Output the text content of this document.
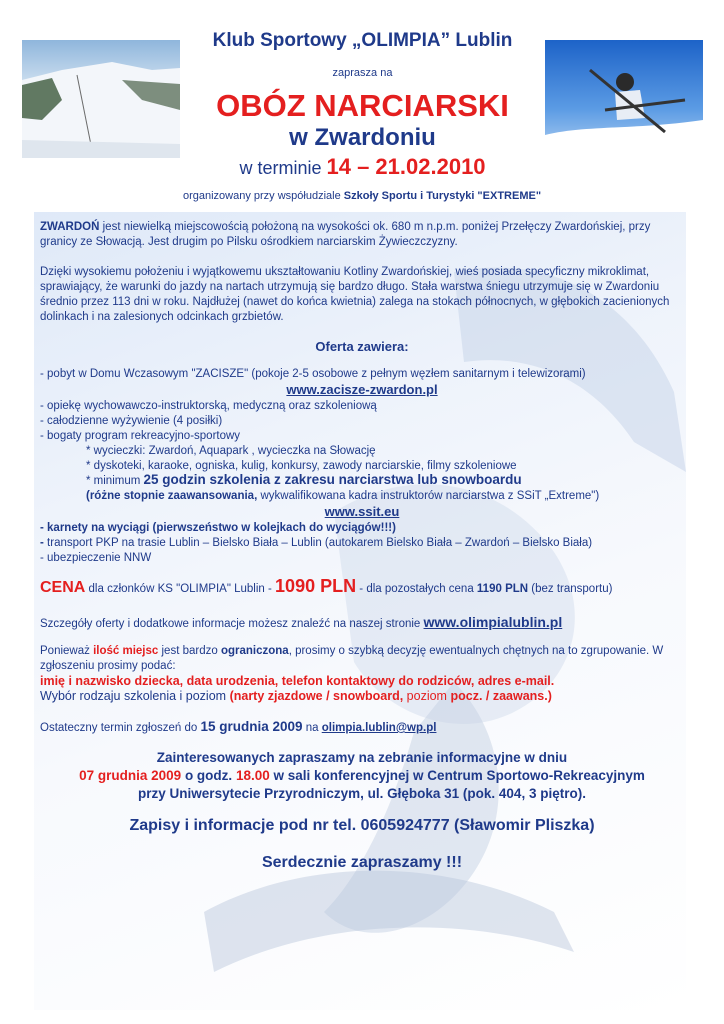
Klub Sportowy „OLIMPIA” Lublin
zaprasza na
OBÓZ NARCIARSKI
w Zwardoniu
w terminie 14 – 21.02.2010
organizowany przy współudziale Szkoły Sportu i Turystyki "EXTREME"
ZWARDOŃ jest niewielką miejscowością położoną na wysokości ok. 680 m n.p.m. poniżej Przełęczy Zwardońskiej, przy granicy ze Słowacją. Jest drugim po Pilsku ośrodkiem narciarskim Żywieczczyzny.
Dzięki wysokiemu położeniu i wyjątkowemu ukształtowaniu Kotliny Zwardońskiej, wieś posiada specyficzny mikroklimat, sprawiający, że warunki do jazdy na nartach utrzymują się bardzo długo. Stała warstwa śniegu utrzymuje się w Zwardoniu średnio przez 113 dni w roku. Najdłużej (nawet do końca kwietnia) zalega na stokach północnych, w głębokich zacienionych dolinkach i na zalesionych odcinkach grzbietów.
Oferta zawiera:
- pobyt w Domu Wczasowym "ZACISZE" (pokoje 2-5 osobowe z pełnym węzłem sanitarnym i telewizorami)
www.zacisze-zwardon.pl
- opiekę wychowawczo-instruktorską, medyczną oraz szkoleniową
- całodzienne wyżywienie (4 posiłki)
- bogaty program rekreacyjno-sportowy
* wycieczki: Zwardoń, Aquapark , wycieczka na Słowację
* dyskoteki, karaoke, ogniska, kulig, konkursy, zawody narciarskie, filmy szkoleniowe
* minimum 25 godzin szkolenia z zakresu narciarstwa lub snowboardu
(różne stopnie zaawansowania, wykwalifikowana kadra instruktorów narciarstwa z SSiT „Extreme")
www.ssit.eu
- karnety na wyciągi (pierwszeństwo w kolejkach do wyciągów!!!)
- transport PKP na trasie Lublin – Bielsko Biała – Lublin (autokarem Bielsko Biała – Zwardoń – Bielsko Biała)
- ubezpieczenie NNW
CENA dla członków KS "OLIMPIA" Lublin - 1090 PLN - dla pozostałych cena 1190 PLN (bez transportu)
Szczegóły oferty i dodatkowe informacje możesz znaleźć na naszej stronie www.olimpialublin.pl
Ponieważ ilość miejsc jest bardzo ograniczona, prosimy o szybką decyzję ewentualnych chętnych na to zgrupowanie. W zgłoszeniu prosimy podać:
imię i nazwisko dziecka, data urodzenia, telefon kontaktowy do rodziców, adres e-mail.
Wybór rodzaju szkolenia i poziom (narty zjazdowe / snowboard, poziom pocz. / zaawans.)
Ostateczny termin zgłoszeń do 15 grudnia 2009 na olimpia.lublin@wp.pl
Zainteresowanych zapraszamy na zebranie informacyjne w dniu
07 grudnia 2009 o godz. 18.00 w sali konferencyjnej w Centrum Sportowo-Rekreacyjnym
przy Uniwersytecie Przyrodniczym, ul. Głęboka 31 (pok. 404, 3 piętro).
Zapisy i informacje pod nr tel. 0605924777 (Sławomir Pliszka)
Serdecznie zapraszamy !!!
